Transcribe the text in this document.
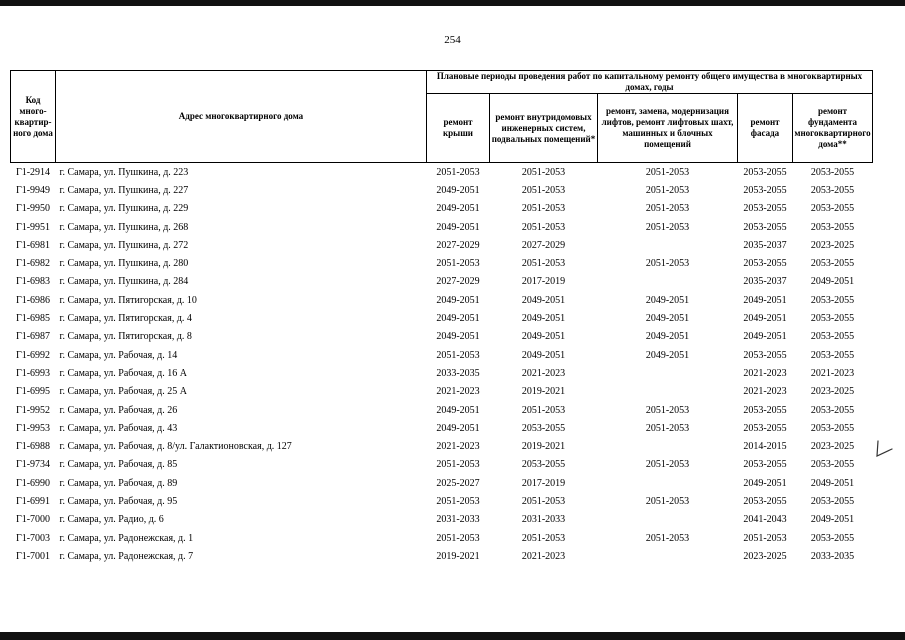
254
Код много-квартир-ного дома	Адрес многоквартирного дома	Плановые периоды проведения работ по капитальному ремонту общего имущества в многоквартирных домах, годы				
		ремонт крыши	ремонт внутридомовых инженерных систем, подвальных помещений*	ремонт, замена, модернизация лифтов, ремонт лифтовых шахт, машинных и блочных помещений	ремонт фасада	ремонт фундамента многоквартирного дома**
Г1-2914	г. Самара, ул. Пушкина, д. 223	2051-2053	2051-2053	2051-2053	2053-2055	2053-2055
Г1-9949	г. Самара, ул. Пушкина, д. 227	2049-2051	2051-2053	2051-2053	2053-2055	2053-2055
Г1-9950	г. Самара, ул. Пушкина, д. 229	2049-2051	2051-2053	2051-2053	2053-2055	2053-2055
Г1-9951	г. Самара, ул. Пушкина, д. 268	2049-2051	2051-2053	2051-2053	2053-2055	2053-2055
Г1-6981	г. Самара, ул. Пушкина, д. 272	2027-2029	2027-2029		2035-2037	2023-2025
Г1-6982	г. Самара, ул. Пушкина, д. 280	2051-2053	2051-2053	2051-2053	2053-2055	2053-2055
Г1-6983	г. Самара, ул. Пушкина, д. 284	2027-2029	2017-2019		2035-2037	2049-2051
Г1-6986	г. Самара, ул. Пятигорская, д. 10	2049-2051	2049-2051	2049-2051	2049-2051	2053-2055
Г1-6985	г. Самара, ул. Пятигорская, д. 4	2049-2051	2049-2051	2049-2051	2049-2051	2053-2055
Г1-6987	г. Самара, ул. Пятигорская, д. 8	2049-2051	2049-2051	2049-2051	2049-2051	2053-2055
Г1-6992	г. Самара, ул. Рабочая, д. 14	2051-2053	2049-2051	2049-2051	2053-2055	2053-2055
Г1-6993	г. Самара, ул. Рабочая, д. 16 А	2033-2035	2021-2023		2021-2023	2021-2023
Г1-6995	г. Самара, ул. Рабочая, д. 25 А	2021-2023	2019-2021		2021-2023	2023-2025
Г1-9952	г. Самара, ул. Рабочая, д. 26	2049-2051	2051-2053	2051-2053	2053-2055	2053-2055
Г1-9953	г. Самара, ул. Рабочая, д. 43	2049-2051	2053-2055	2051-2053	2053-2055	2053-2055
Г1-6988	г. Самара, ул. Рабочая, д. 8/ул. Галактионовская, д. 127	2021-2023	2019-2021		2014-2015	2023-2025
Г1-9734	г. Самара, ул. Рабочая, д. 85	2051-2053	2053-2055	2051-2053	2053-2055	2053-2055
Г1-6990	г. Самара, ул. Рабочая, д. 89	2025-2027	2017-2019		2049-2051	2049-2051
Г1-6991	г. Самара, ул. Рабочая, д. 95	2051-2053	2051-2053	2051-2053	2053-2055	2053-2055
Г1-7000	г. Самара, ул. Радио, д. 6	2031-2033	2031-2033		2041-2043	2049-2051
Г1-7003	г. Самара, ул. Радонежская, д. 1	2051-2053	2051-2053	2051-2053	2051-2053	2053-2055
Г1-7001	г. Самара, ул. Радонежская, д. 7	2019-2021	2021-2023		2023-2025	2033-2035
